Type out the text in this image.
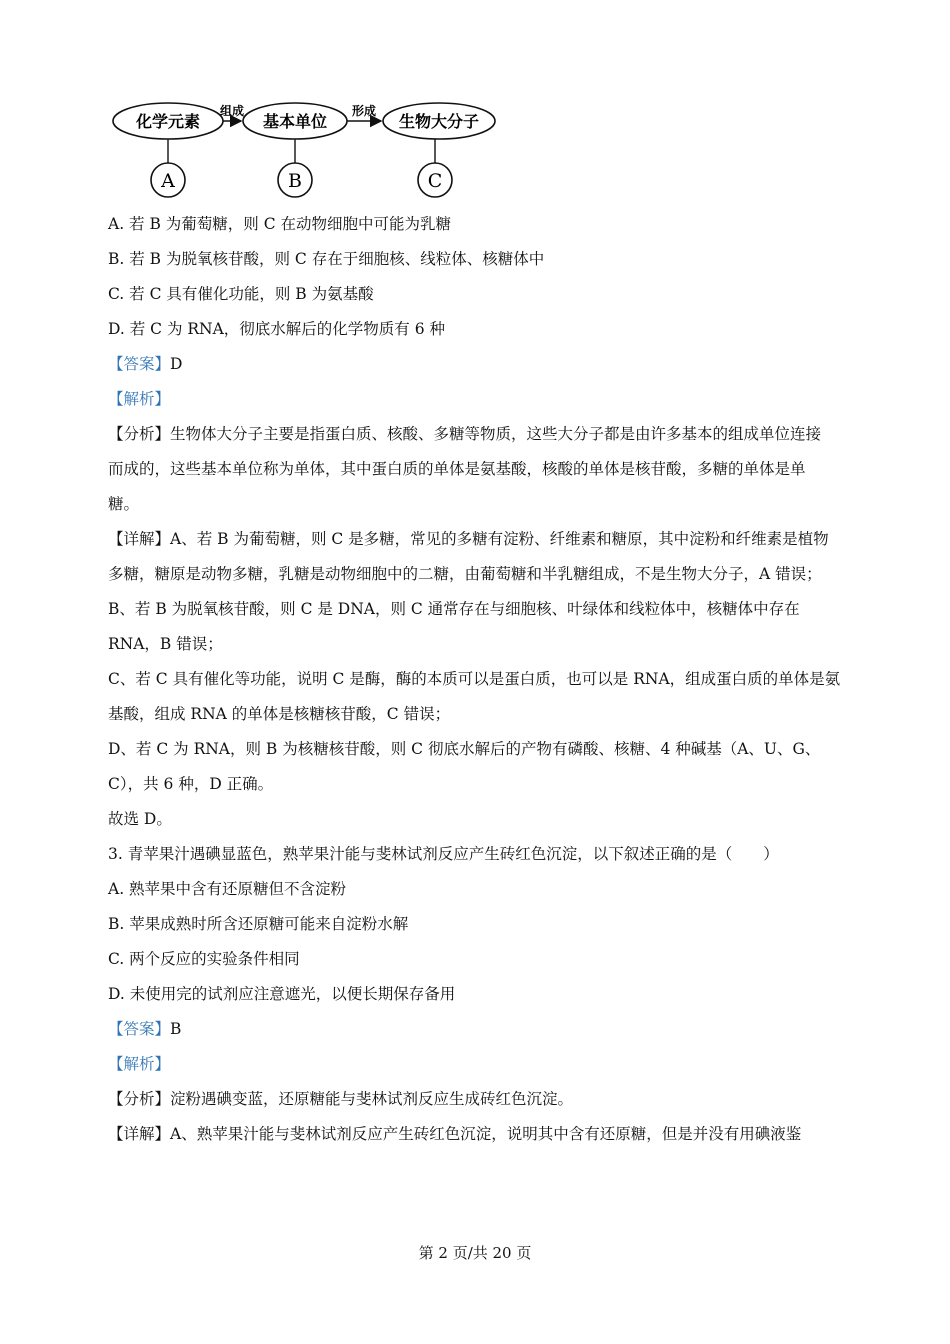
化学元素	基本单位	生物大分子
组成	形成
A	B	C
A. 若 B 为葡萄糖，则 C 在动物细胞中可能为乳糖
B. 若 B 为脱氧核苷酸，则 C 存在于细胞核、线粒体、核糖体中
C. 若 C 具有催化功能，则 B 为氨基酸
D. 若 C 为 RNA，彻底水解后的化学物质有 6 种
【答案】D
【解析】
【分析】生物体大分子主要是指蛋白质、核酸、多糖等物质，这些大分子都是由许多基本的组成单位连接
而成的，这些基本单位称为单体，其中蛋白质的单体是氨基酸，核酸的单体是核苷酸，多糖的单体是单
糖。
【详解】A、若 B 为葡萄糖，则 C 是多糖，常见的多糖有淀粉、纤维素和糖原，其中淀粉和纤维素是植物
多糖，糖原是动物多糖，乳糖是动物细胞中的二糖，由葡萄糖和半乳糖组成，不是生物大分子，A 错误；
B、若 B 为脱氧核苷酸，则 C 是 DNA，则 C 通常存在与细胞核、叶绿体和线粒体中，核糖体中存在
RNA，B 错误；
C、若 C 具有催化等功能，说明 C 是酶，酶的本质可以是蛋白质，也可以是 RNA，组成蛋白质的单体是氨
基酸，组成 RNA 的单体是核糖核苷酸，C 错误；
D、若 C 为 RNA，则 B 为核糖核苷酸，则 C 彻底水解后的产物有磷酸、核糖、4 种碱基（A、U、G、
C），共 6 种，D 正确。
故选 D。
3. 青苹果汁遇碘显蓝色，熟苹果汁能与斐林试剂反应产生砖红色沉淀，以下叙述正确的是（　　）
A. 熟苹果中含有还原糖但不含淀粉
B. 苹果成熟时所含还原糖可能来自淀粉水解
C. 两个反应的实验条件相同
D. 未使用完的试剂应注意遮光，以便长期保存备用
【答案】B
【解析】
【分析】淀粉遇碘变蓝，还原糖能与斐林试剂反应生成砖红色沉淀。
【详解】A、熟苹果汁能与斐林试剂反应产生砖红色沉淀，说明其中含有还原糖，但是并没有用碘液鉴
第 2 页/共 20 页
